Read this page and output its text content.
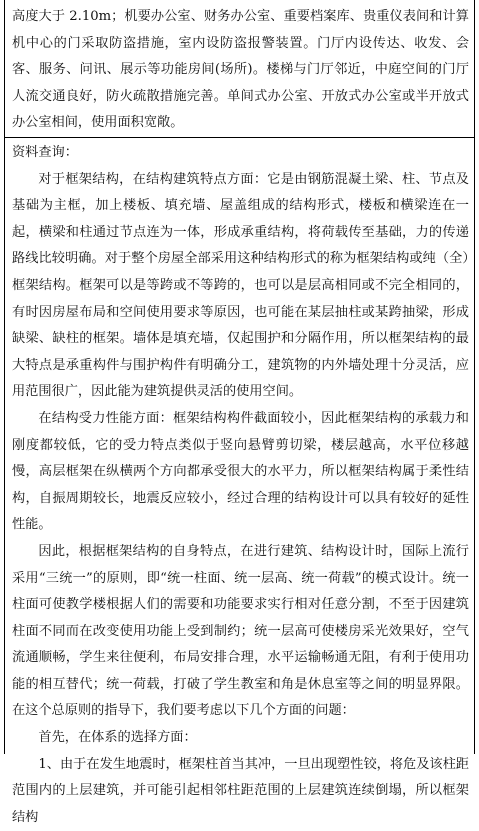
高度大于 2.10m；机要办公室、财务办公室、重要档案库、贵重仪表间和计算机中心的门采取防盗措施，室内设防盗报警装置。门厅内设传达、收发、会客、服务、问讯、展示等功能房间(场所)。楼梯与门厅邻近，中庭空间的门厅人流交通良好，防火疏散措施完善。单间式办公室、开放式办公室或半开放式办公室相间，使用面积宽敞。

资料查询：

对于框架结构，在结构建筑特点方面：它是由钢筋混凝土梁、柱、节点及基础为主框，加上楼板、填充墙、屋盖组成的结构形式，楼板和横梁连在一起，横梁和柱通过节点连为一体，形成承重结构，将荷载传至基础，力的传递路线比较明确。对于整个房屋全部采用这种结构形式的称为框架结构或纯（全）框架结构。框架可以是等跨或不等跨的，也可以是层高相同或不完全相同的，有时因房屋布局和空间使用要求等原因，也可能在某层抽柱或某跨抽梁，形成缺梁、缺柱的框架。墙体是填充墙，仅起围护和分隔作用，所以框架结构的最大特点是承重构件与围护构件有明确分工，建筑物的内外墙处理十分灵活，应用范围很广，因此能为建筑提供灵活的使用空间。

在结构受力性能方面：框架结构构件截面较小，因此框架结构的承载力和刚度都较低，它的受力特点类似于竖向悬臂剪切梁，楼层越高，水平位移越慢，高层框架在纵横两个方向都承受很大的水平力，所以框架结构属于柔性结构，自振周期较长，地震反应较小，经过合理的结构设计可以具有较好的延性性能。

因此，根据框架结构的自身特点，在进行建筑、结构设计时，国际上流行采用“三统一”的原则，即“统一柱面、统一层高、统一荷载”的模式设计。统一柱面可使教学楼根据人们的需要和功能要求实行相对任意分割，不至于因建筑柱面不同而在改变使用功能上受到制约；统一层高可使楼房采光效果好，空气流通顺畅，学生来往便利，布局安排合理，水平运输畅通无阻，有利于使用功能的相互替代；统一荷载，打破了学生教室和角是休息室等之间的明显界限。在这个总原则的指导下，我们要考虑以下几个方面的问题：

首先，在体系的选择方面：

1、由于在发生地震时，框架柱首当其冲，一旦出现塑性铰，将危及该柱距范围内的上层建筑，并可能引起相邻柱距范围的上层建筑连续倒塌，所以框架结构
